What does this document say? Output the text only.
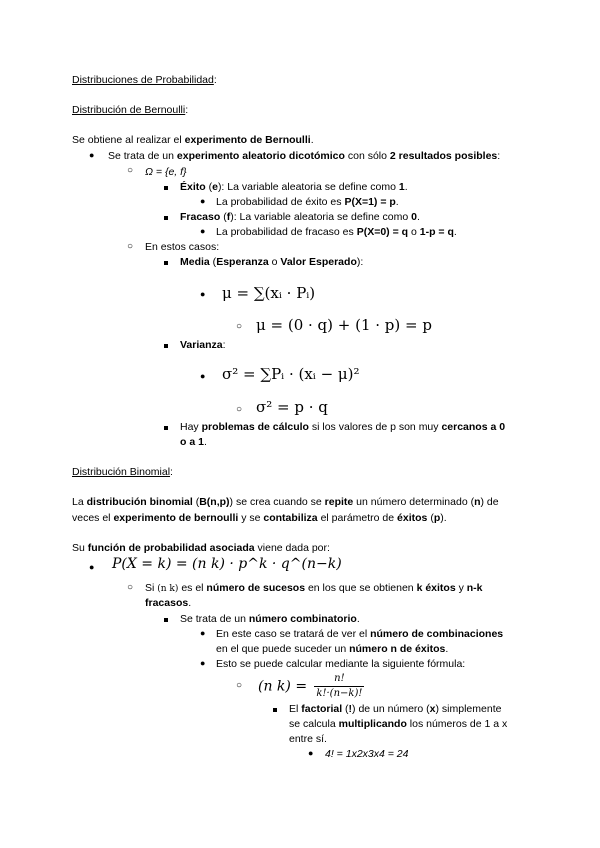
Distribuciones de Probabilidad:
Distribución de Bernoulli:
Se obtiene al realizar el experimento de Bernoulli.
● Se trata de un experimento aleatorio dicotómico con sólo 2 resultados posibles:
○ Ω = {e, f}
Éxito (e): La variable aleatoria se define como 1.
● La probabilidad de éxito es P(X=1) = p.
Fracaso (f): La variable aleatoria se define como 0.
● La probabilidad de fracaso es P(X=0) = q o 1-p = q.
○ En estos casos:
Media (Esperanza o Valor Esperado):
● μ = ∑(xᵢ · Pᵢ)
○ μ = (0 · q) + (1 · p) = p
Varianza:
● σ² = ∑Pᵢ · (xᵢ − μ)²
○ σ² = p · q
Hay problemas de cálculo si los valores de p son muy cercanos a 0
o a 1.
Distribución Binomial:
La distribución binomial (B(n,p)) se crea cuando se repite un número determinado (n) de
veces el experimento de bernoulli y se contabiliza el parámetro de éxitos (p).
Su función de probabilidad asociada viene dada por:
● P(X = k) = (n k) · p^k · q^(n−k)
○ Si (n k) es el número de sucesos en los que se obtienen k éxitos y n-k
fracasos.
Se trata de un número combinatorio.
● En este caso se tratará de ver el número de combinaciones
en el que puede suceder un número n de éxitos.
● Esto se puede calcular mediante la siguiente fórmula:
○ (n $k) = \frac{n!}{k!\cdot(n-k)!}$
El factorial (!) de un número (x) simplemente
se calcula multiplicando los números de 1 a x
entre sí.
● 4! = 1x2x3x4 = 24
